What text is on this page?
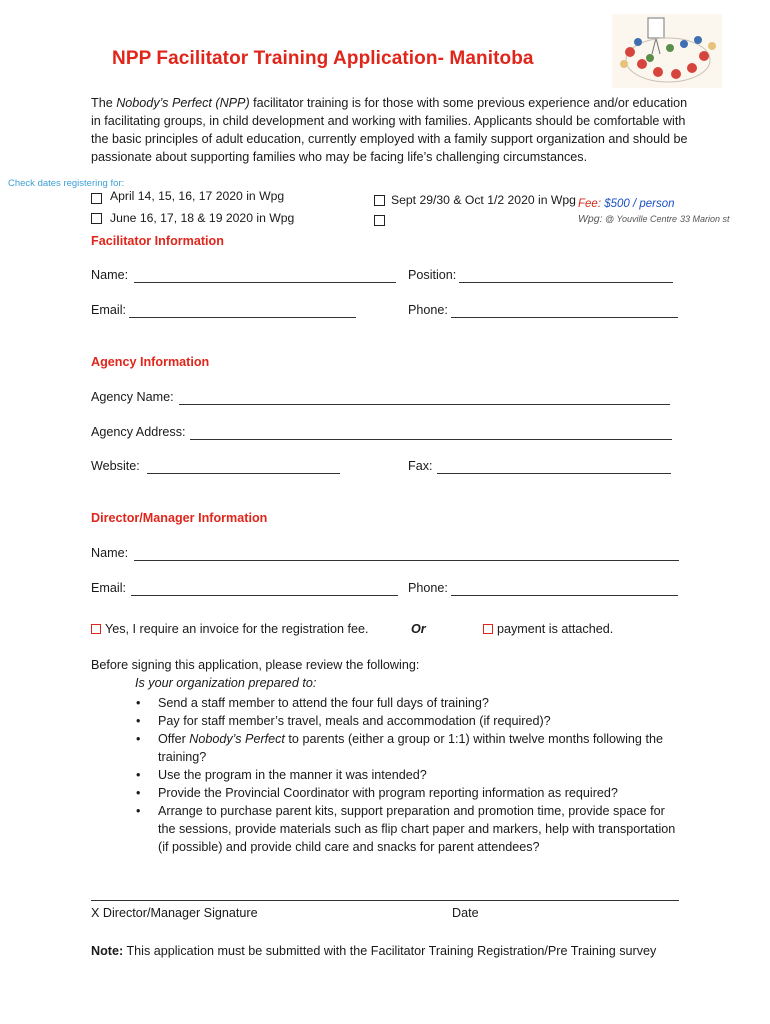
NPP Facilitator Training Application- Manitoba
The Nobody’s Perfect (NPP) facilitator training is for those with some previous experience and/or education in facilitating groups, in child development and working with families. Applicants should be comfortable with the basic principles of adult education, currently employed with a family support organization and should be passionate about supporting families who may be facing life’s challenging circumstances.
Check dates registering for:
April 14, 15, 16, 17 2020 in Wpg
June 16, 17, 18 & 19 2020 in Wpg
Sept 29/30 & Oct 1/2 2020 in Wpg Fee: $500 / person
Wpg: @ Youville Centre 33 Marion st
Facilitator Information
Name:	Position:
Email:	Phone:
Agency Information
Agency Name:
Agency Address:
Website:	Fax:
Director/Manager Information
Name:
Email:	Phone:
Yes, I require an invoice for the registration fee.	Or	payment is attached.
Before signing this application, please review the following:
Is your organization prepared to:
• Send a staff member to attend the four full days of training?
• Pay for staff member’s travel, meals and accommodation (if required)?
• Offer Nobody’s Perfect to parents (either a group or 1:1) within twelve months following the training?
• Use the program in the manner it was intended?
• Provide the Provincial Coordinator with program reporting information as required?
• Arrange to purchase parent kits, support preparation and promotion time, provide space for the sessions, provide materials such as flip chart paper and markers, help with transportation (if possible) and provide child care and snacks for parent attendees?
X Director/Manager Signature	Date
Note: This application must be submitted with the Facilitator Training Registration/Pre Training survey
